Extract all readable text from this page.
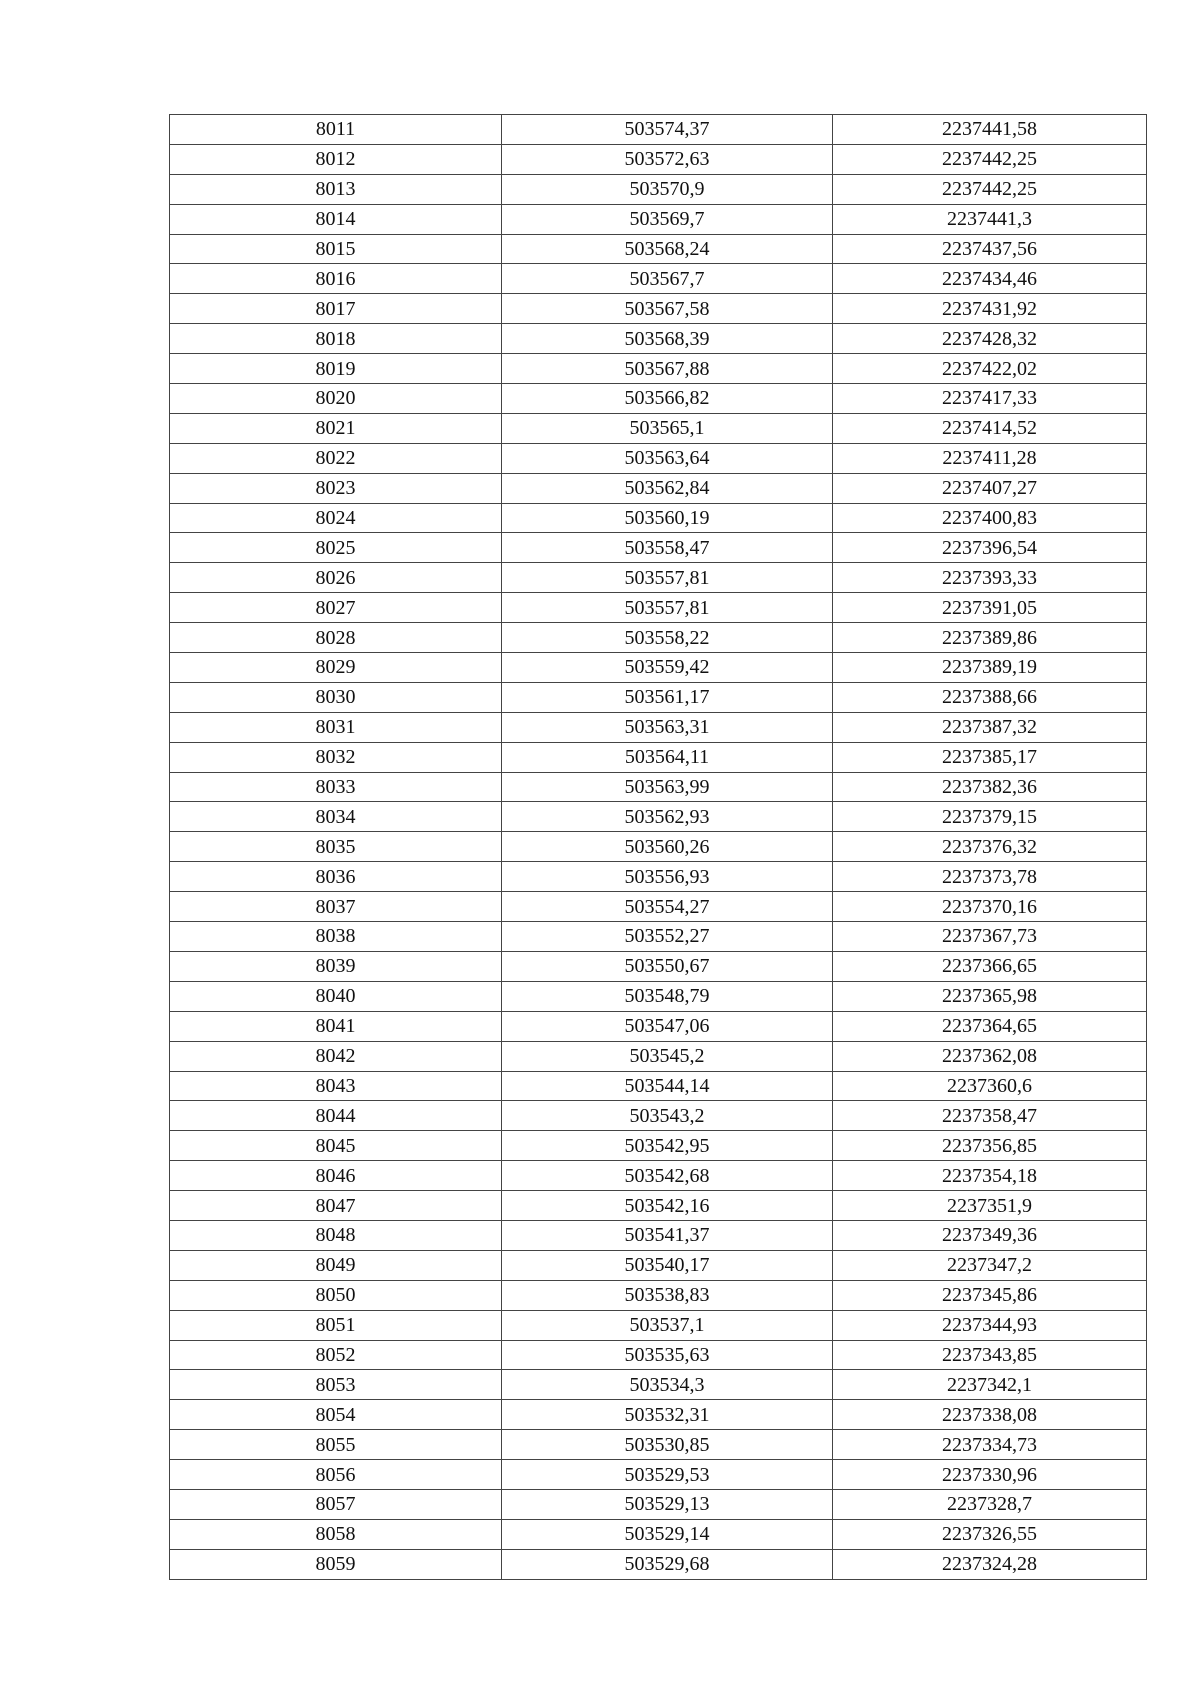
8011	503574,37	2237441,58
8012	503572,63	2237442,25
8013	503570,9	2237442,25
8014	503569,7	2237441,3
8015	503568,24	2237437,56
8016	503567,7	2237434,46
8017	503567,58	2237431,92
8018	503568,39	2237428,32
8019	503567,88	2237422,02
8020	503566,82	2237417,33
8021	503565,1	2237414,52
8022	503563,64	2237411,28
8023	503562,84	2237407,27
8024	503560,19	2237400,83
8025	503558,47	2237396,54
8026	503557,81	2237393,33
8027	503557,81	2237391,05
8028	503558,22	2237389,86
8029	503559,42	2237389,19
8030	503561,17	2237388,66
8031	503563,31	2237387,32
8032	503564,11	2237385,17
8033	503563,99	2237382,36
8034	503562,93	2237379,15
8035	503560,26	2237376,32
8036	503556,93	2237373,78
8037	503554,27	2237370,16
8038	503552,27	2237367,73
8039	503550,67	2237366,65
8040	503548,79	2237365,98
8041	503547,06	2237364,65
8042	503545,2	2237362,08
8043	503544,14	2237360,6
8044	503543,2	2237358,47
8045	503542,95	2237356,85
8046	503542,68	2237354,18
8047	503542,16	2237351,9
8048	503541,37	2237349,36
8049	503540,17	2237347,2
8050	503538,83	2237345,86
8051	503537,1	2237344,93
8052	503535,63	2237343,85
8053	503534,3	2237342,1
8054	503532,31	2237338,08
8055	503530,85	2237334,73
8056	503529,53	2237330,96
8057	503529,13	2237328,7
8058	503529,14	2237326,55
8059	503529,68	2237324,28
